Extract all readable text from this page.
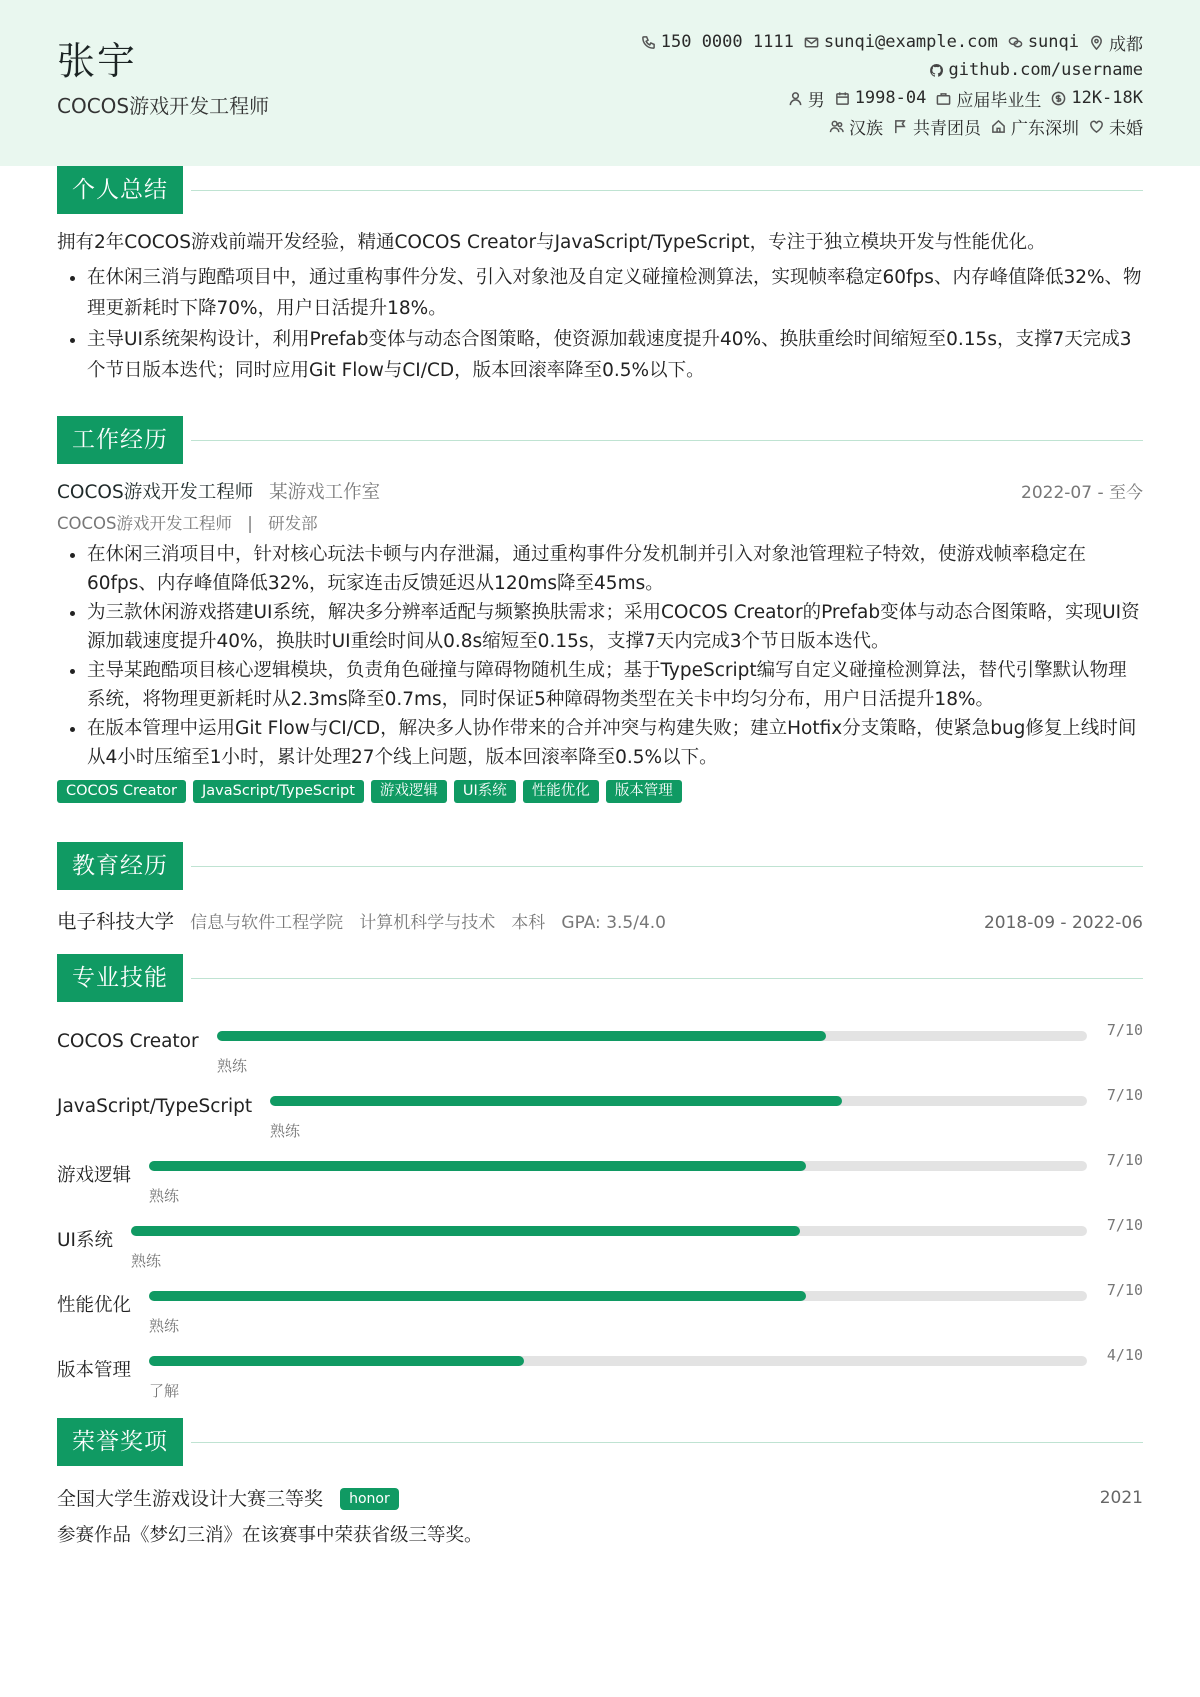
张宇
COCOS游戏开发工程师
150 0000 1111 sunqi@example.com sunqi 成都
github.com/username
男 1998-04 应届毕业生 12K-18K
汉族 共青团员 广东深圳 未婚
个人总结
拥有2年COCOS游戏前端开发经验，精通COCOS Creator与JavaScript/TypeScript，专注于独立模块开发与性能优化。
• 在休闲三消与跑酷项目中，通过重构事件分发、引入对象池及自定义碰撞检测算法，实现帧率稳定60fps、内存峰值降低32%、物理更新耗时下降70%，用户日活提升18%。
• 主导UI系统架构设计，利用Prefab变体与动态合图策略，使资源加载速度提升40%、换肤重绘时间缩短至0.15s，支撑7天完成3个节日版本迭代；同时应用Git Flow与CI/CD，版本回滚率降至0.5%以下。
工作经历
COCOS游戏开发工程师 某游戏工作室	2022-07 - 至今
COCOS游戏开发工程师 | 研发部
• 在休闲三消项目中，针对核心玩法卡顿与内存泄漏，通过重构事件分发机制并引入对象池管理粒子特效，使游戏帧率稳定在60fps、内存峰值降低32%，玩家连击反馈延迟从120ms降至45ms。
• 为三款休闲游戏搭建UI系统，解决多分辨率适配与频繁换肤需求；采用COCOS Creator的Prefab变体与动态合图策略，实现UI资源加载速度提升40%，换肤时UI重绘时间从0.8s缩短至0.15s，支撑7天内完成3个节日版本迭代。
• 主导某跑酷项目核心逻辑模块，负责角色碰撞与障碍物随机生成；基于TypeScript编写自定义碰撞检测算法，替代引擎默认物理系统，将物理更新耗时从2.3ms降至0.7ms，同时保证5种障碍物类型在关卡中均匀分布，用户日活提升18%。
• 在版本管理中运用Git Flow与CI/CD，解决多人协作带来的合并冲突与构建失败；建立Hotfix分支策略，使紧急bug修复上线时间从4小时压缩至1小时，累计处理27个线上问题，版本回滚率降至0.5%以下。
COCOS Creator	JavaScript/TypeScript	游戏逻辑	UI系统	性能优化	版本管理
教育经历
电子科技大学 信息与软件工程学院 计算机科学与技术 本科 GPA: 3.5/4.0	2018-09 - 2022-06
专业技能
COCOS Creator
熟练
7/10
JavaScript/TypeScript
熟练
7/10
游戏逻辑
熟练
7/10
UI系统
熟练
7/10
性能优化
熟练
7/10
版本管理
了解
4/10
荣誉奖项
全国大学生游戏设计大赛三等奖 honor	2021
参赛作品《梦幻三消》在该赛事中荣获省级三等奖。
